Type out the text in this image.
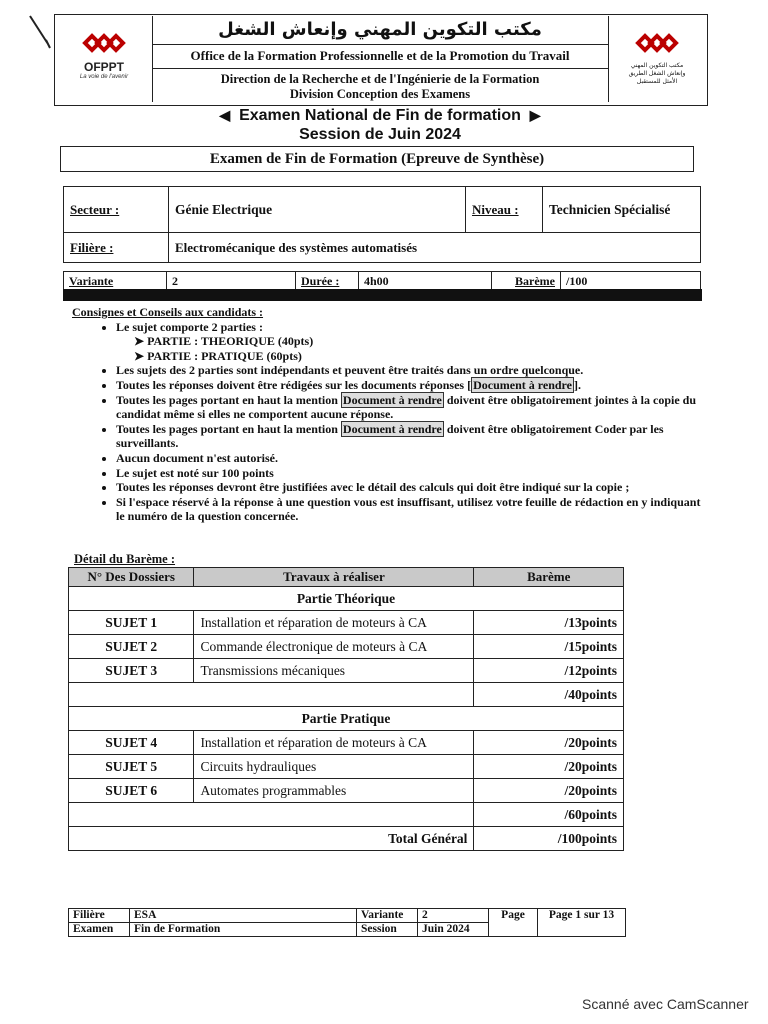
OFPPT
La voie de l'avenir
مكتب التكوين المهني وإنعاش الشغل الطريق الأمثل للمستقبل
مكتب التكوين المهني وإنعاش الشغل
Office de la Formation Professionnelle et de la Promotion du Travail
Direction de la Recherche et de l'Ingénierie de la Formation
Division Conception des Examens
◀ Examen National de Fin de formation ▶
Session de Juin 2024
Examen de Fin de Formation (Epreuve de Synthèse)
Secteur :	Génie Electrique	Niveau :	Technicien Spécialisé
Filière :	Electromécanique des systèmes automatisés		
Variante	2	Durée :	4h00	Barème	/100
Consignes et Conseils aux candidats :
• Le sujet comporte 2 parties :
➤ PARTIE : THEORIQUE (40pts)
➤ PARTIE : PRATIQUE (60pts)
• Les sujets des 2 parties sont indépendants et peuvent être traités dans un ordre quelconque.
• Toutes les réponses doivent être rédigées sur les documents réponses [ Document à rendre ].
• Toutes les pages portant en haut la mention Document à rendre doivent être obligatoirement jointes à la copie du candidat même si elles ne comportent aucune réponse.
• Toutes les pages portant en haut la mention Document à rendre doivent être obligatoirement Coder par les surveillants.
• Aucun document n'est autorisé.
• Le sujet est noté sur 100 points
• Toutes les réponses devront être justifiées avec le détail des calculs qui doit être indiqué sur la copie ;
• Si l'espace réservé à la réponse à une question vous est insuffisant, utilisez votre feuille de rédaction en y indiquant le numéro de la question concernée.
Détail du Barème :
N° Des Dossiers	Travaux à réaliser	Barème
Partie Théorique		
SUJET 1	Installation et réparation de moteurs à CA	/13points
SUJET 2	Commande électronique de moteurs à CA	/15points
SUJET 3	Transmissions mécaniques	/12points
		/40points
Partie Pratique		
SUJET 4	Installation et réparation de moteurs à CA	/20points
SUJET 5	Circuits hydrauliques	/20points
SUJET 6	Automates programmables	/20points
		/60points
Total Général		/100points
Filière	ESA	Variante	2	Page	Page 1 sur 13
Examen	Fin de Formation	Session	Juin 2024		
Scanné avec CamScanner
